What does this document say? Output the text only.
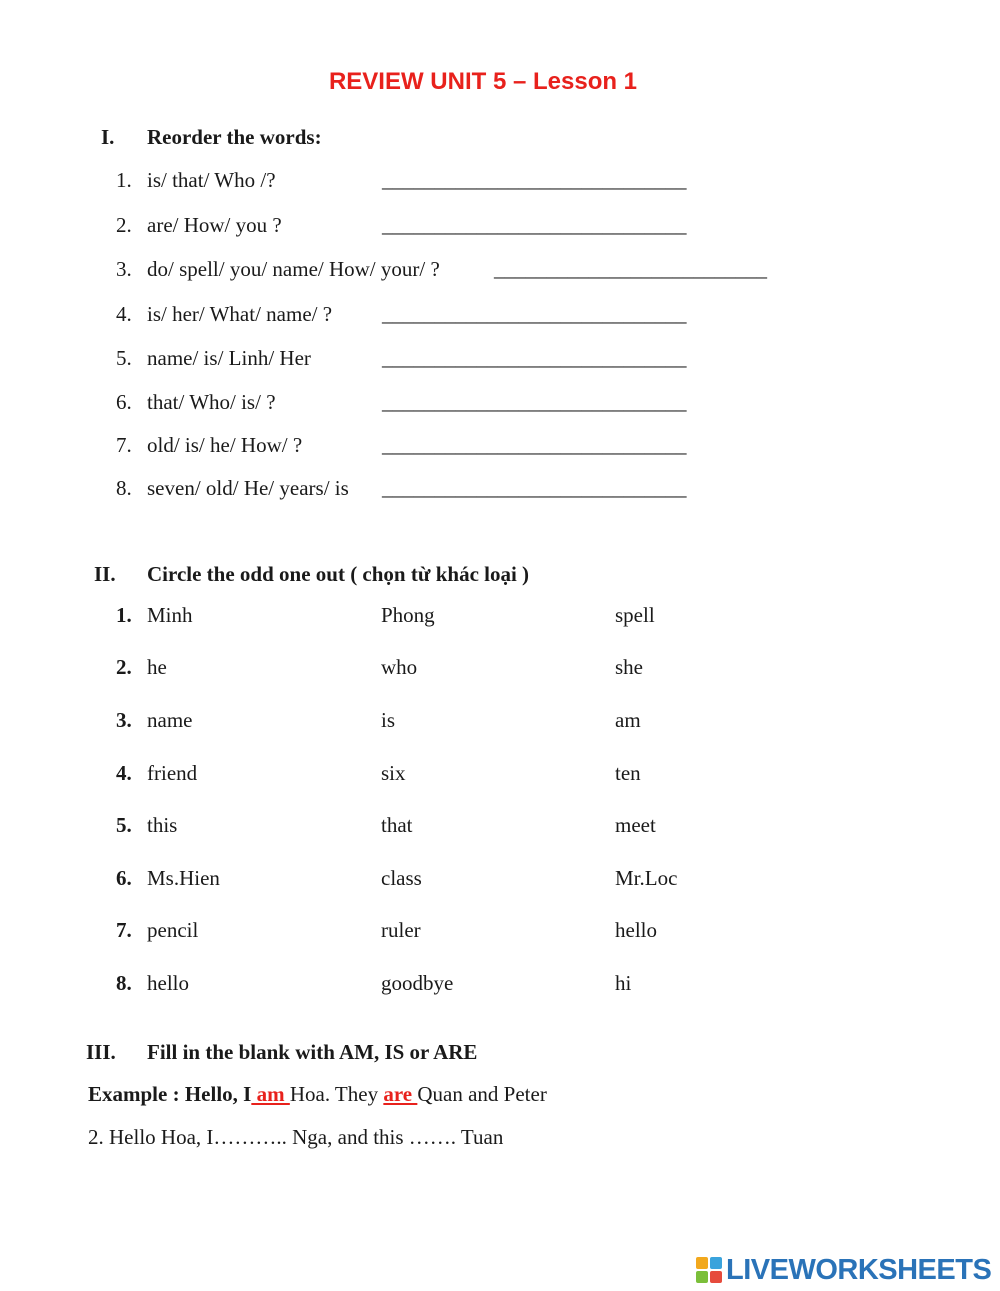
REVIEW UNIT 5 – Lesson 1
I. Reorder the words:
1. is/ that/ Who /?	_____________________________
2. are/ How/ you ?	_____________________________
3. do/ spell/ you/ name/ How/ your/ ?	__________________________
4. is/ her/ What/ name/ ? _____________________________
5. name/ is/ Linh/ Her	_____________________________
6. that/ Who/ is/ ?	_____________________________
7. old/ is/ he/ How/ ?	_____________________________
8. seven/ old/ He/ years/ is _____________________________
II. Circle the odd one out ( chọn từ khác loại )
1. Minh	Phong	spell
2. he	who	she
3. name	is	am
4. friend	six	ten
5. this	that	meet
6. Ms.Hien	class	Mr.Loc
7. pencil	ruler	hello
8. hello	goodbye	hi
III. Fill in the blank with AM, IS or ARE
Example : Hello, I am Hoa. They are Quan and Peter
2. Hello Hoa, I……….. Nga, and this ……. Tuan
LIVEWORKSHEETS
